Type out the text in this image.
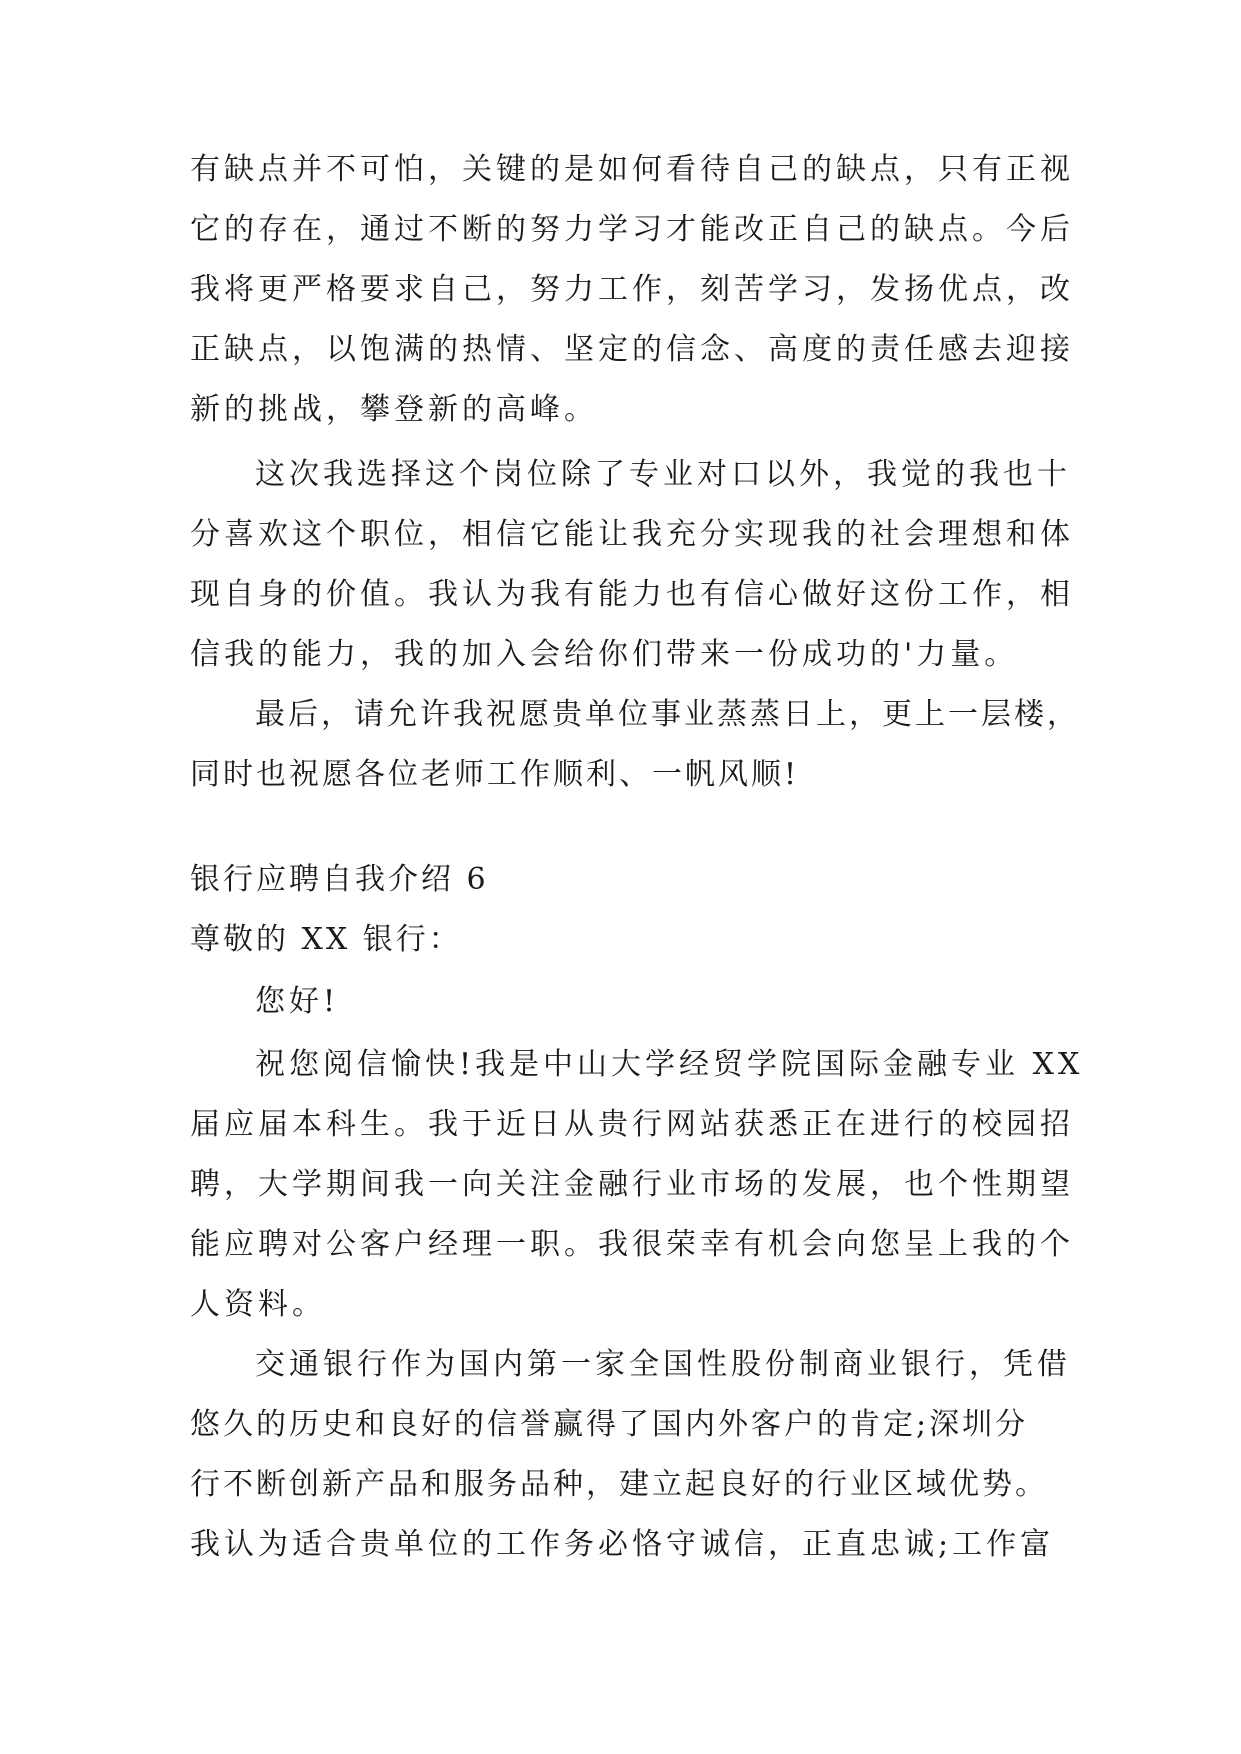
有缺点并不可怕，关键的是如何看待自己的缺点，只有正视
它的存在，通过不断的努力学习才能改正自己的缺点。今后
我将更严格要求自己，努力工作，刻苦学习，发扬优点，改
正缺点，以饱满的热情、坚定的信念、高度的责任感去迎接
新的挑战，攀登新的高峰。
这次我选择这个岗位除了专业对口以外，我觉的我也十
分喜欢这个职位，相信它能让我充分实现我的社会理想和体
现自身的价值。我认为我有能力也有信心做好这份工作，相
信我的能力，我的加入会给你们带来一份成功的'力量。
最后，请允许我祝愿贵单位事业蒸蒸日上，更上一层楼，
同时也祝愿各位老师工作顺利、一帆风顺!
银行应聘自我介绍 6
尊敬的 XX 银行：
您好!
祝您阅信愉快!我是中山大学经贸学院国际金融专业 XX
届应届本科生。我于近日从贵行网站获悉正在进行的校园招
聘，大学期间我一向关注金融行业市场的发展，也个性期望
能应聘对公客户经理一职。我很荣幸有机会向您呈上我的个
人资料。
交通银行作为国内第一家全国性股份制商业银行，凭借
悠久的历史和良好的信誉赢得了国内外客户的肯定;深圳分
行不断创新产品和服务品种，建立起良好的行业区域优势。
我认为适合贵单位的工作务必恪守诚信，正直忠诚;工作富
